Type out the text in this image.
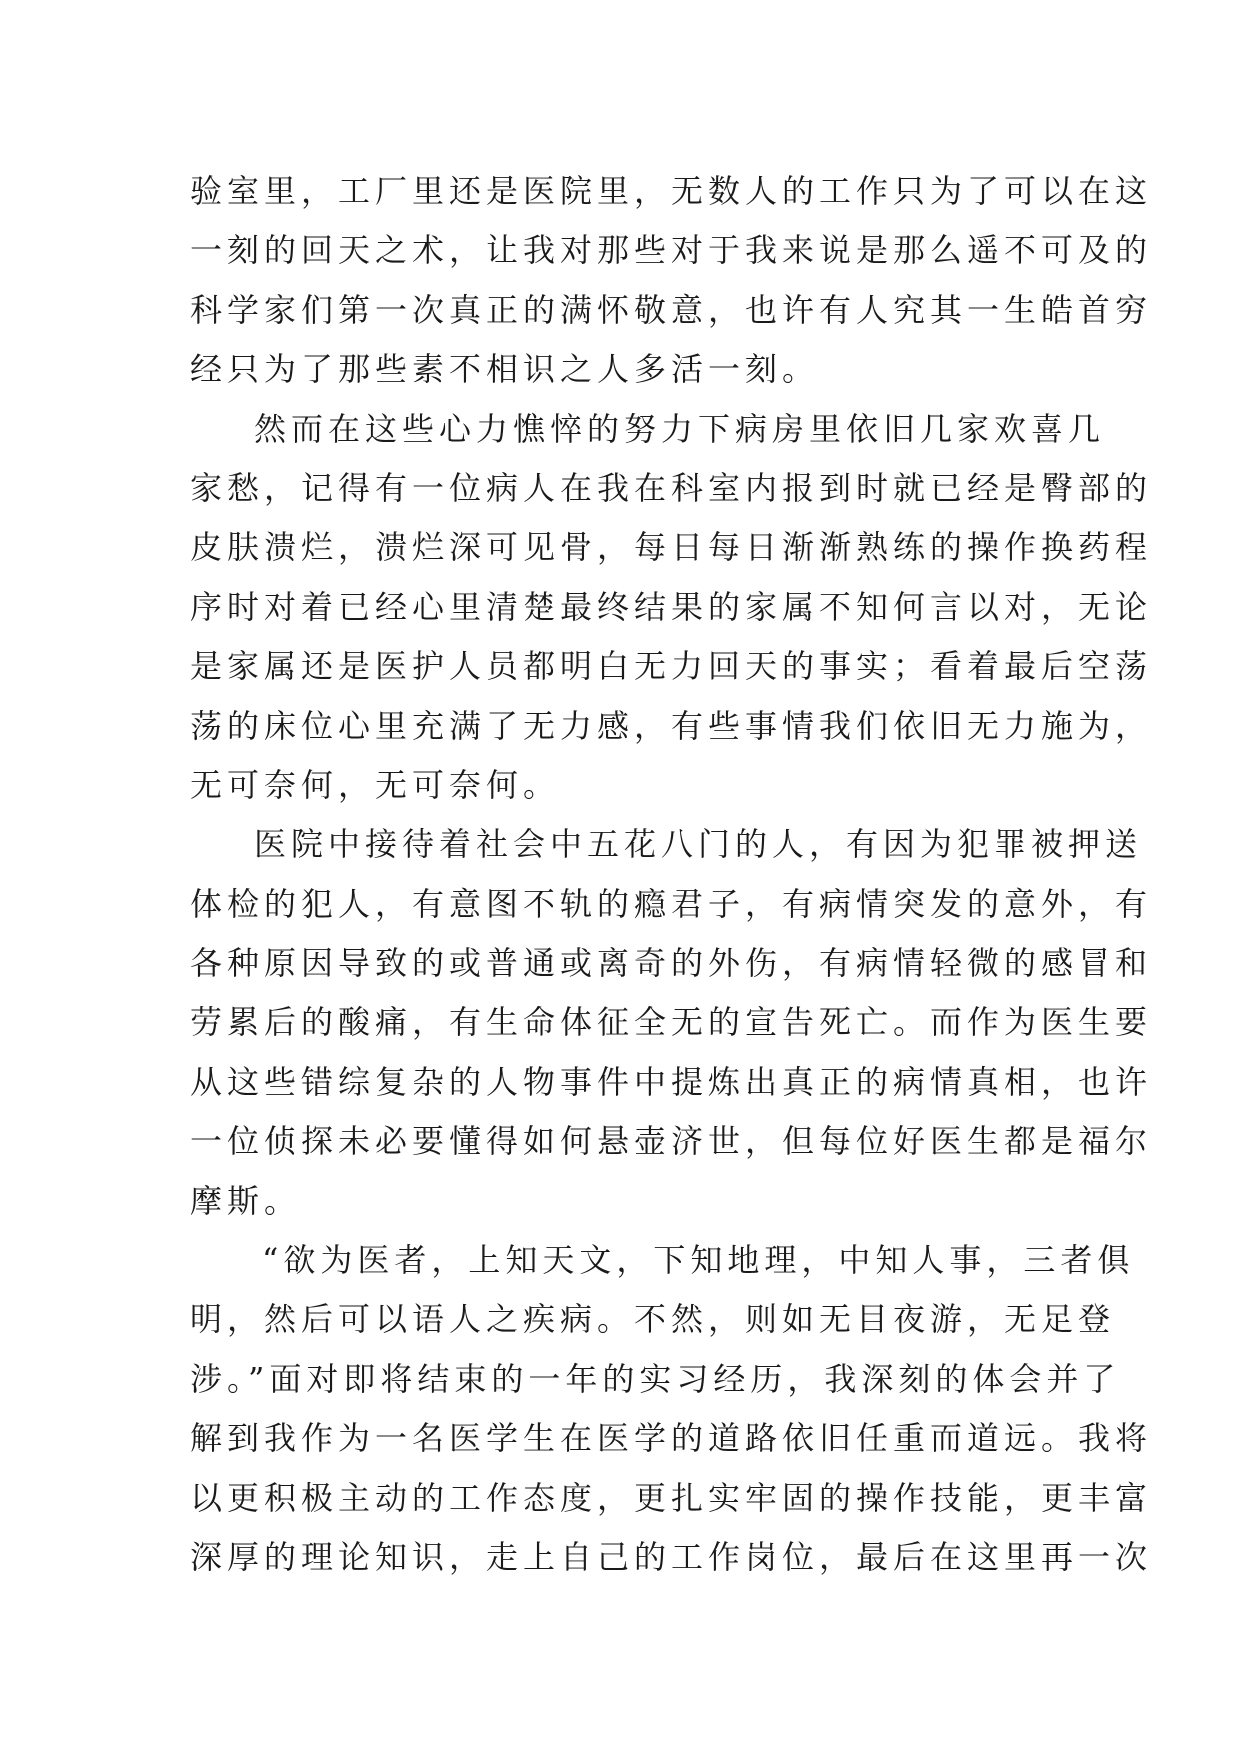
验室里，工厂里还是医院里，无数人的工作只为了可以在这
一刻的回天之术，让我对那些对于我来说是那么遥不可及的
科学家们第一次真正的满怀敬意，也许有人究其一生皓首穷
经只为了那些素不相识之人多活一刻。
然而在这些心力憔悴的努力下病房里依旧几家欢喜几
家愁，记得有一位病人在我在科室内报到时就已经是臀部的
皮肤溃烂，溃烂深可见骨，每日每日渐渐熟练的操作换药程
序时对着已经心里清楚最终结果的家属不知何言以对，无论
是家属还是医护人员都明白无力回天的事实；看着最后空荡
荡的床位心里充满了无力感，有些事情我们依旧无力施为，
无可奈何，无可奈何。
医院中接待着社会中五花八门的人，有因为犯罪被押送
体检的犯人，有意图不轨的瘾君子，有病情突发的意外，有
各种原因导致的或普通或离奇的外伤，有病情轻微的感冒和
劳累后的酸痛，有生命体征全无的宣告死亡。而作为医生要
从这些错综复杂的人物事件中提炼出真正的病情真相，也许
一位侦探未必要懂得如何悬壶济世，但每位好医生都是福尔
摩斯。
“欲为医者，上知天文，下知地理，中知人事，三者俱
明，然后可以语人之疾病。不然，则如无目夜游，无足登
涉。”面对即将结束的一年的实习经历，我深刻的体会并了
解到我作为一名医学生在医学的道路依旧任重而道远。我将
以更积极主动的工作态度，更扎实牢固的操作技能，更丰富
深厚的理论知识，走上自己的工作岗位，最后在这里再一次
